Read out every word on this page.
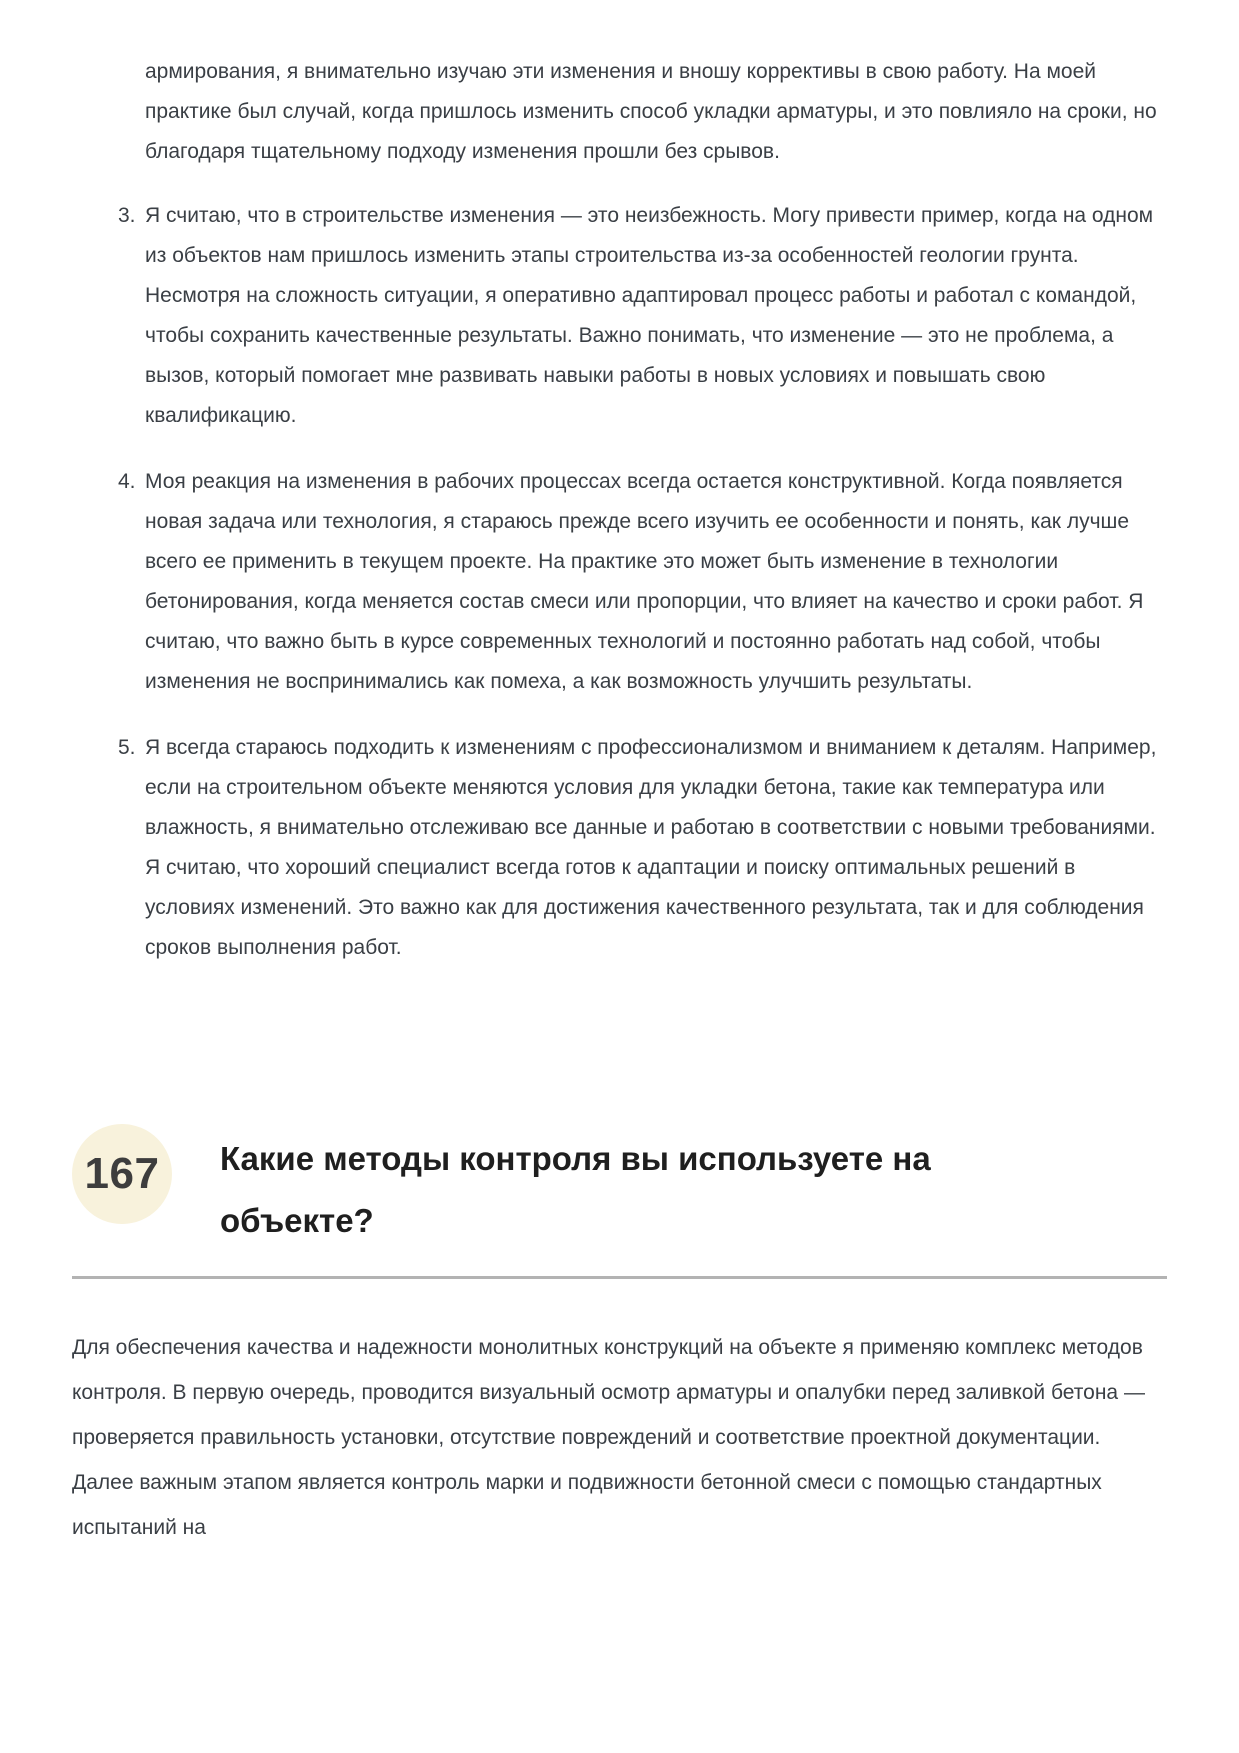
армирования, я внимательно изучаю эти изменения и вношу коррективы в свою работу. На моей практике был случай, когда пришлось изменить способ укладки арматуры, и это повлияло на сроки, но благодаря тщательному подходу изменения прошли без срывов.

3. Я считаю, что в строительстве изменения — это неизбежность. Могу привести пример, когда на одном из объектов нам пришлось изменить этапы строительства из-за особенностей геологии грунта. Несмотря на сложность ситуации, я оперативно адаптировал процесс работы и работал с командой, чтобы сохранить качественные результаты. Важно понимать, что изменение — это не проблема, а вызов, который помогает мне развивать навыки работы в новых условиях и повышать свою квалификацию.

4. Моя реакция на изменения в рабочих процессах всегда остается конструктивной. Когда появляется новая задача или технология, я стараюсь прежде всего изучить ее особенности и понять, как лучше всего ее применить в текущем проекте. На практике это может быть изменение в технологии бетонирования, когда меняется состав смеси или пропорции, что влияет на качество и сроки работ. Я считаю, что важно быть в курсе современных технологий и постоянно работать над собой, чтобы изменения не воспринимались как помеха, а как возможность улучшить результаты.

5. Я всегда стараюсь подходить к изменениям с профессионализмом и вниманием к деталям. Например, если на строительном объекте меняются условия для укладки бетона, такие как температура или влажность, я внимательно отслеживаю все данные и работаю в соответствии с новыми требованиями. Я считаю, что хороший специалист всегда готов к адаптации и поиску оптимальных решений в условиях изменений. Это важно как для достижения качественного результата, так и для соблюдения сроков выполнения работ.

167	Какие методы контроля вы используете на объекте?

Для обеспечения качества и надежности монолитных конструкций на объекте я применяю комплекс методов контроля. В первую очередь, проводится визуальный осмотр арматуры и опалубки перед заливкой бетона — проверяется правильность установки, отсутствие повреждений и соответствие проектной документации. Далее важным этапом является контроль марки и подвижности бетонной смеси с помощью стандартных испытаний на
